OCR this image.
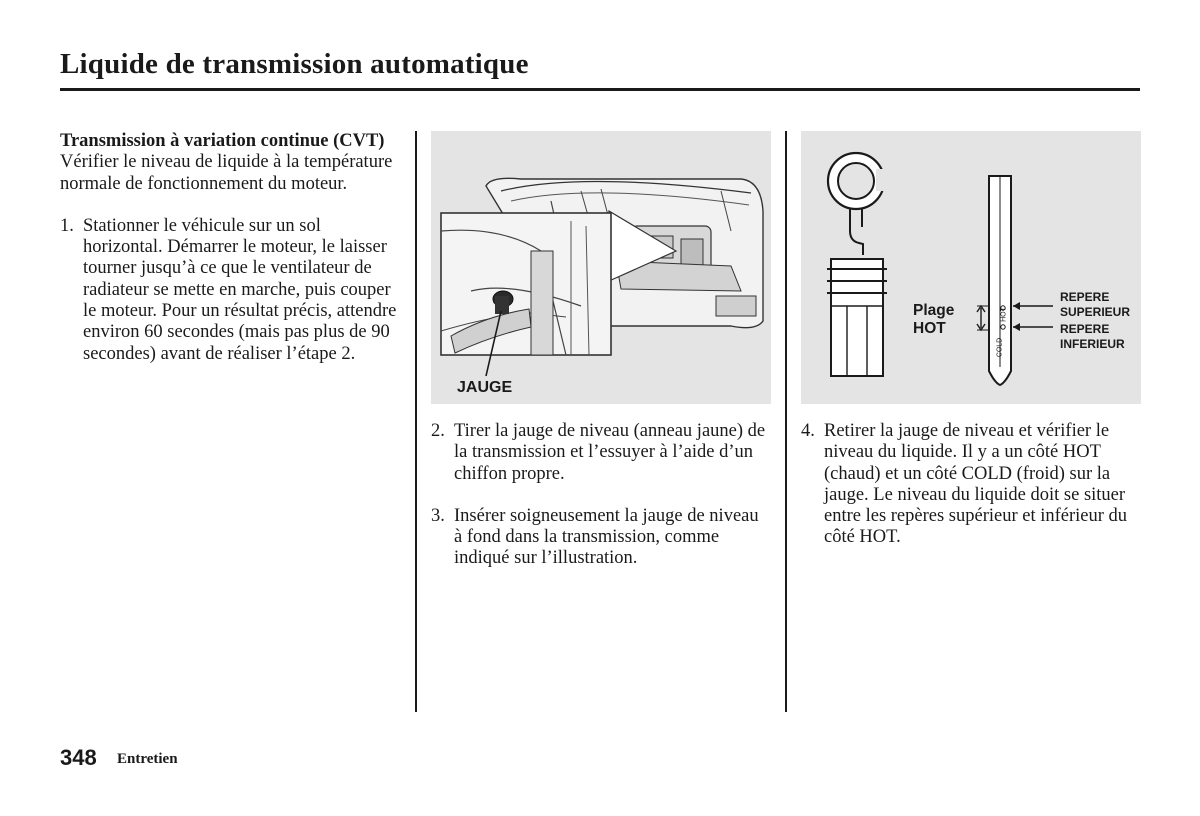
Liquide de transmission automatique

Transmission à variation continue (CVT)

Vérifier le niveau de liquide à la température normale de fonctionnement du moteur.

1. Stationner le véhicule sur un sol horizontal. Démarrer le moteur, le laisser tourner jusqu’à ce que le ventilateur de radiateur se mette en marche, puis couper le moteur. Pour un résultat précis, attendre environ 60 secondes (mais pas plus de 90 secondes) avant de réaliser l’étape 2.
JAUGE
2. Tirer la jauge de niveau (anneau jaune) de la transmission et l’essuyer à l’aide d’un chiffon propre.
3. Insérer soigneusement la jauge de niveau à fond dans la transmission, comme indiqué sur l’illustration.
Plage
HOT
REPERE
SUPERIEUR
REPERE
INFERIEUR
HOT
COLD
4. Retirer la jauge de niveau et vérifier le niveau du liquide. Il y a un côté HOT (chaud) et un côté COLD (froid) sur la jauge. Le niveau du liquide doit se situer entre les repères supérieur et inférieur du côté HOT.
348 Entretien
